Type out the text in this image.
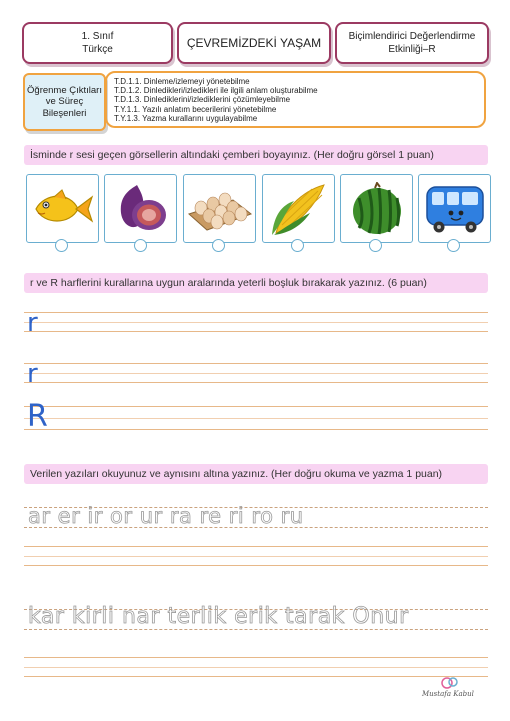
1. Sınıf
Türkçe	ÇEVREMİZDEKİ YAŞAM	Biçimlendirici Değerlendirme
Etkinliği–R
Öğrenme Çıktıları
ve Süreç
Bileşenleri
T.D.1.1. Dinleme/izlemeyi yönetebilme
T.D.1.2. Dinledikleri/izledikleri ile ilgili anlam oluşturabilme
T.D.1.3. Dinlediklerini/izlediklerini çözümleyebilme
T.Y.1.1. Yazılı anlatım becerilerini yönetebilme
T.Y.1.3. Yazma kurallarını uygulayabilme
İsminde r sesi geçen görsellerin altındaki çemberi boyayınız. (Her doğru görsel 1 puan)
r ve R harflerini kurallarına uygun aralarında yeterli boşluk bırakarak yazınız. (6 puan)
r
r
R
Verilen yazıları okuyunuz ve aynısını altına yazınız. (Her doğru okuma ve yazma 1 puan)
ar er ir or ur ra re ri ro ru
kar kirli nar terlik erik tarak Onur
Mustafa Kabul
